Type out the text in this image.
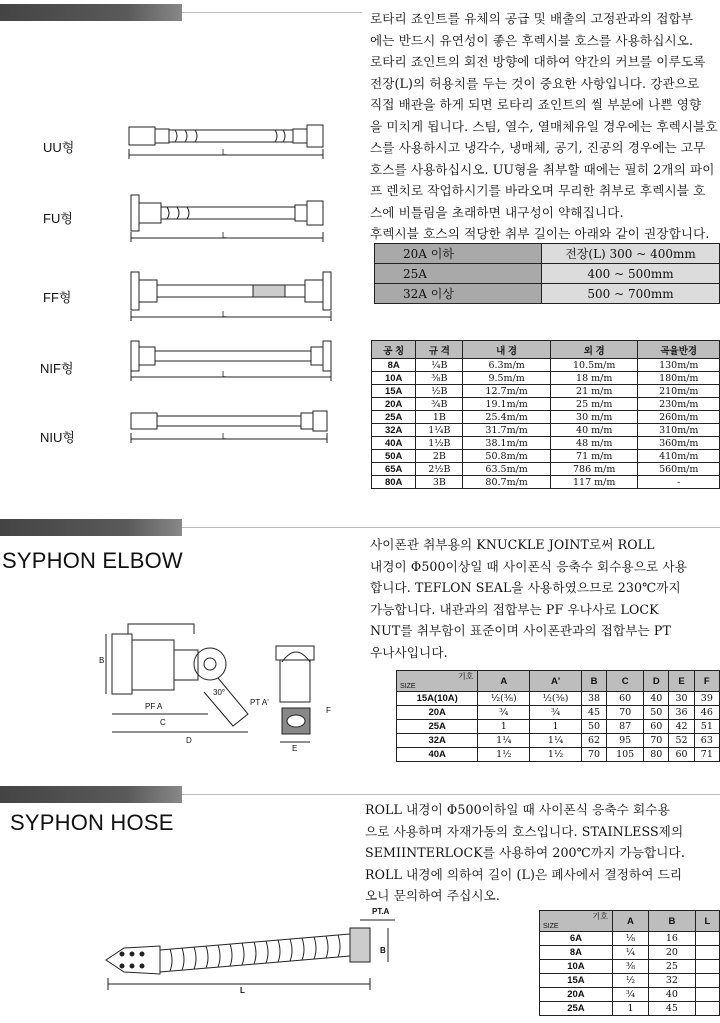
로타리 죠인트를 유체의 공급 및 배출의 고정관과의 접합부
에는 반드시 유연성이 좋은 후렉시블 호스를 사용하십시오.
로타리 죠인트의 회전 방향에 대하여 약간의 커브를 이루도록
전장(L)의 허용치를 두는 것이 중요한 사항입니다. 강관으로
직접 배관을 하게 되면 로타리 죠인트의 씰 부분에 나쁜 영향
을 미치게 됩니다. 스팀, 열수, 열매체유일 경우에는 후렉시블호
스를 사용하시고 냉각수, 냉매체, 공기, 진공의 경우에는 고무
호스를 사용하십시오. UU형을 취부할 때에는 필히 2개의 파이
프 렌치로 작업하시기를 바라오며 무리한 취부로 후렉시블 호
스에 비틀림을 초래하면 내구성이 약해집니다.
후렉시블 호스의 적당한 취부 길이는 아래와 같이 권장합니다.
UU형
FU형
FF형
NIF형
NIU형
L
L
L
L
L
20A 이하	전장(L) 300 ~ 400mm
25A	400 ~ 500mm
32A 이상	500 ~ 700mm
공 칭	규 격	내 경	외 경	곡율반경
8A	¼B	6.3m/m	10.5m/m	130m/m
10A	⅜B	9.5m/m	18 m/m	180m/m
15A	½B	12.7m/m	21 m/m	210m/m
20A	¾B	19.1m/m	25 m/m	230m/m
25A	1B	25.4m/m	30 m/m	260m/m
32A	1¼B	31.7m/m	40 m/m	310m/m
40A	1½B	38.1m/m	48 m/m	360m/m
50A	2B	50.8m/m	71 m/m	410m/m
65A	2½B	63.5m/m	786 m/m	560m/m
80A	3B	80.7m/m	117 m/m	-
SYPHON ELBOW
사이폰관 취부용의 KNUCKLE JOINT로써 ROLL
내경이 Φ500이상일 때 사이폰식 응축수 회수용으로 사용
합니다. TEFLON SEAL을 사용하였으므로 230℃까지
가능합니다. 내관과의 접합부는 PF 우나사로 LOCK
NUT를 취부함이 표준이며 사이폰관과의 접합부는 PT
우나사입니다.
PF A	PT A'
30°
B
C
D
E
F
기호
SIZE	A	A'	B	C	D	E	F
15A(10A)	½(⅜)	½(⅜)	38	60	40	30	39
20A	¾	¾	45	70	50	36	46
25A	1	1	50	87	60	42	51
32A	1¼	1¼	62	95	70	52	63
40A	1½	1½	70	105	80	60	71
SYPHON HOSE
ROLL 내경이 Φ500이하일 때 사이폰식 응축수 회수용
으로 사용하며 자재가동의 호스입니다. STAINLESS제의
SEMIINTERLOCK를 사용하여 200℃까지 가능합니다.
ROLL 내경에 의하여 길이 (L)은 폐사에서 결정하여 드리
오니 문의하여 주십시오.
PT.A
B
L
기호
SIZE	A	B	L
6A	⅛	16	
8A	¼	20	
10A	⅜	25	
15A	½	32	
20A	¾	40	
25A	1	45	
